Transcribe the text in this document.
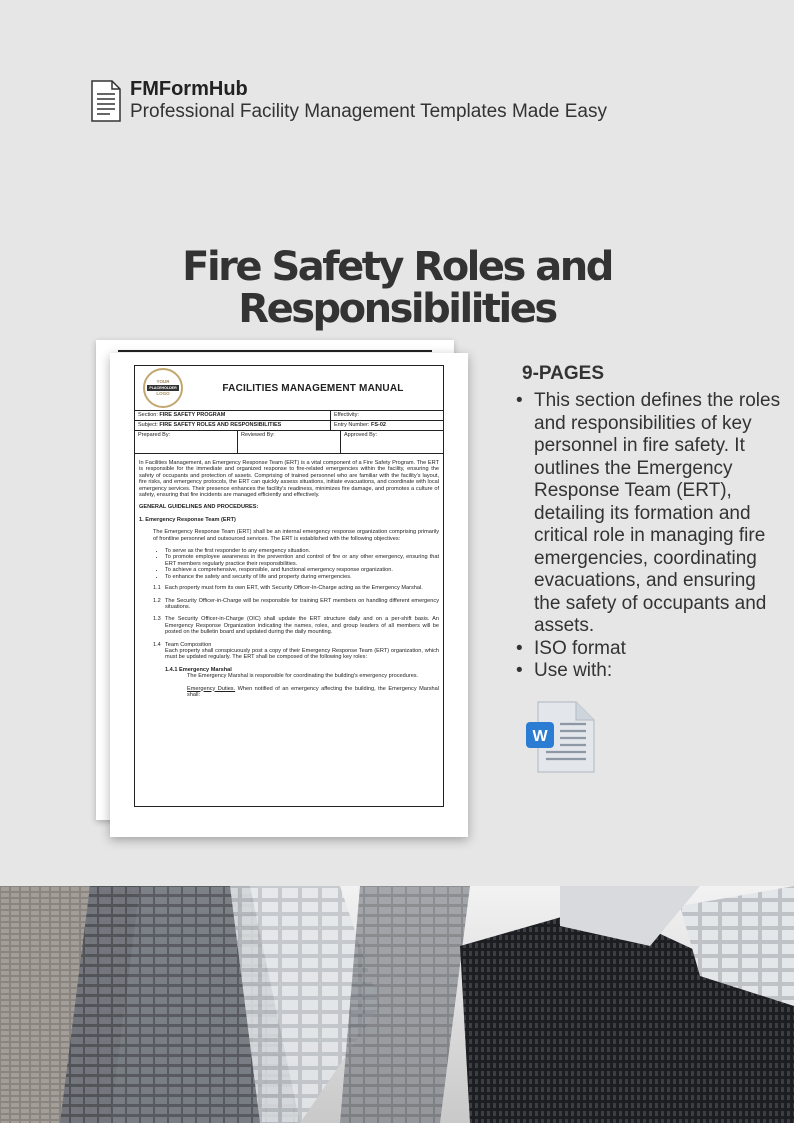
FMFormHub
Professional Facility Management Templates Made Easy
Fire Safety Roles and
Responsibilities
YOUR
PLACEHOLDER
LOGO	FACILITIES MANAGEMENT MANUAL
Section: FIRE SAFETY PROGRAM	Effectivity:
Subject: FIRE SAFETY ROLES AND RESPONSIBILITIES	Entry Number: FS-02
Prepared By:	Reviewed By:	Approved By:

In Facilities Management, an Emergency Response Team (ERT) is a vital component of a Fire Safety Program. The ERT is responsible for the immediate and organized response to fire-related emergencies within the facility, ensuring the safety of occupants and protection of assets. Comprising of trained personnel who are familiar with the facility's layout, fire risks, and emergency protocols, the ERT can quickly assess situations, initiate evacuations, and coordinate with local emergency services. Their presence enhances the facility's readiness, minimizes fire damage, and promotes a culture of safety, ensuring that fire incidents are managed efficiently and effectively.

GENERAL GUIDELINES AND PROCEDURES:
1. Emergency Response Team (ERT)

The Emergency Response Team (ERT) shall be an internal emergency response organization comprising primarily of frontline personnel and outsourced services. The ERT is established with the following objectives:

• To serve as the first responder to any emergency situation.
• To promote employee awareness in the prevention and control of fire or any other emergency, ensuring that ERT members regularly practice their responsibilities.
• To achieve a comprehensive, responsible, and functional emergency response organization.
• To enhance the safety and security of life and property during emergencies.
1.1 Each property must form its own ERT, with Security Officer-In-Charge acting as the Emergency Marshal.
1.2 The Security Officer-in-Charge will be responsible for training ERT members on handling different emergency situations.
1.3 The Security Officer-in-Charge (OIC) shall update the ERT structure daily and on a per-shift basis. An Emergency Response Organization indicating the names, roles, and group leaders of all members will be posted on the bulletin board and updated during the daily mounting.
1.4 Team Composition

Each property shall conspicuously post a copy of their Emergency Response Team (ERT) organization, which must be updated regularly. The ERT shall be composed of the following key roles:

1.4.1 Emergency Marshal

The Emergency Marshal is responsible for coordinating the building's emergency procedures.

Emergency Duties. When notified of an emergency affecting the building, the Emergency Marshal shall:

9-PAGES
• This section defines the roles and responsibilities of key personnel in fire safety. It outlines the Emergency Response Team (ERT), detailing its formation and critical role in managing fire emergencies, coordinating evacuations, and ensuring the safety of occupants and assets.
• ISO format
• Use with:
W
